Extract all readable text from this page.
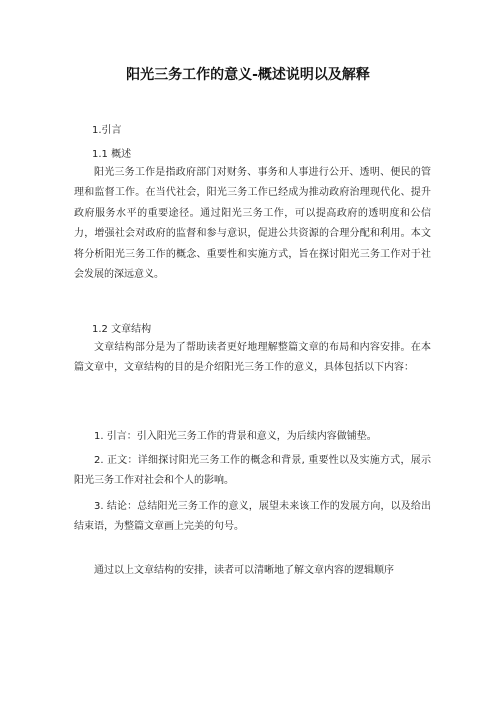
阳光三务工作的意义-概述说明以及解释
1.引言
1.1 概述

阳光三务工作是指政府部门对财务、事务和人事进行公开、透明、便民的管理和监督工作。在当代社会，阳光三务工作已经成为推动政府治理现代化、提升政府服务水平的重要途径。通过阳光三务工作，可以提高政府的透明度和公信力，增强社会对政府的监督和参与意识，促进公共资源的合理分配和利用。本文将分析阳光三务工作的概念、重要性和实施方式，旨在探讨阳光三务工作对于社会发展的深远意义。

1.2 文章结构

文章结构部分是为了帮助读者更好地理解整篇文章的布局和内容安排。在本篇文章中，文章结构的目的是介绍阳光三务工作的意义，具体包括以下内容：

1. 引言：引入阳光三务工作的背景和意义，为后续内容做铺垫。

2. 正文：详细探讨阳光三务工作的概念和背景, 重要性以及实施方式，展示阳光三务工作对社会和个人的影响。

3. 结论：总结阳光三务工作的意义，展望未来该工作的发展方向，以及给出结束语，为整篇文章画上完美的句号。

通过以上文章结构的安排，读者可以清晰地了解文章内容的逻辑顺序
